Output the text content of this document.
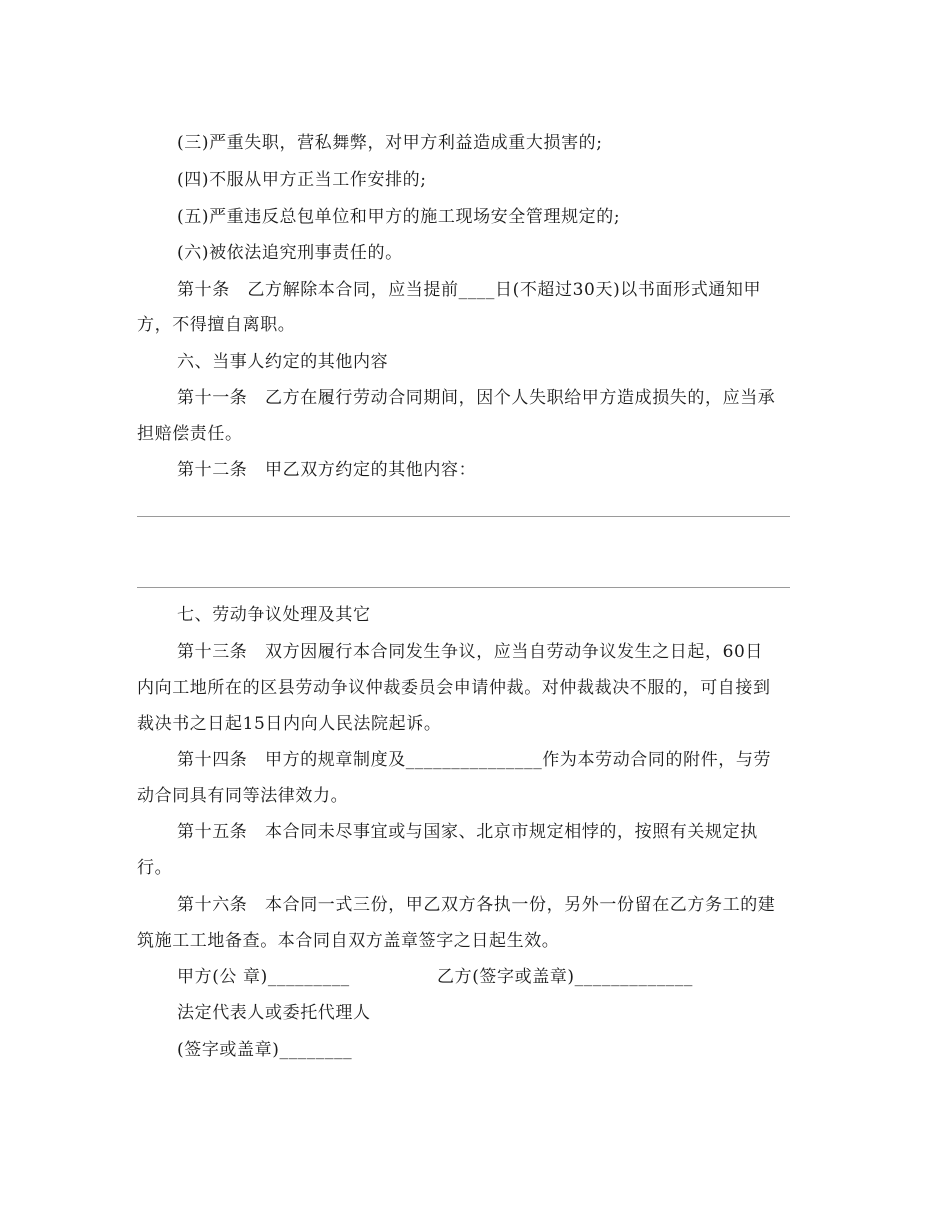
(三)严重失职，营私舞弊，对甲方利益造成重大损害的;
(四)不服从甲方正当工作安排的;
(五)严重违反总包单位和甲方的施工现场安全管理规定的;
(六)被依法追究刑事责任的。
第十条　乙方解除本合同，应当提前____日(不超过30天)以书面形式通知甲
方，不得擅自离职。
六、当事人约定的其他内容
第十一条　乙方在履行劳动合同期间，因个人失职给甲方造成损失的，应当承
担赔偿责任。
第十二条　甲乙双方约定的其他内容：
七、劳动争议处理及其它
第十三条　双方因履行本合同发生争议，应当自劳动争议发生之日起，60日
内向工地所在的区县劳动争议仲裁委员会申请仲裁。对仲裁裁决不服的，可自接到
裁决书之日起15日内向人民法院起诉。
第十四条　甲方的规章制度及_______________作为本劳动合同的附件，与劳
动合同具有同等法律效力。
第十五条　本合同未尽事宜或与国家、北京市规定相悖的，按照有关规定执
行。
第十六条　本合同一式三份，甲乙双方各执一份，另外一份留在乙方务工的建
筑施工工地备查。本合同自双方盖章签字之日起生效。
甲方(公 章)_________	乙方(签字或盖章)_____________
法定代表人或委托代理人
(签字或盖章)________
